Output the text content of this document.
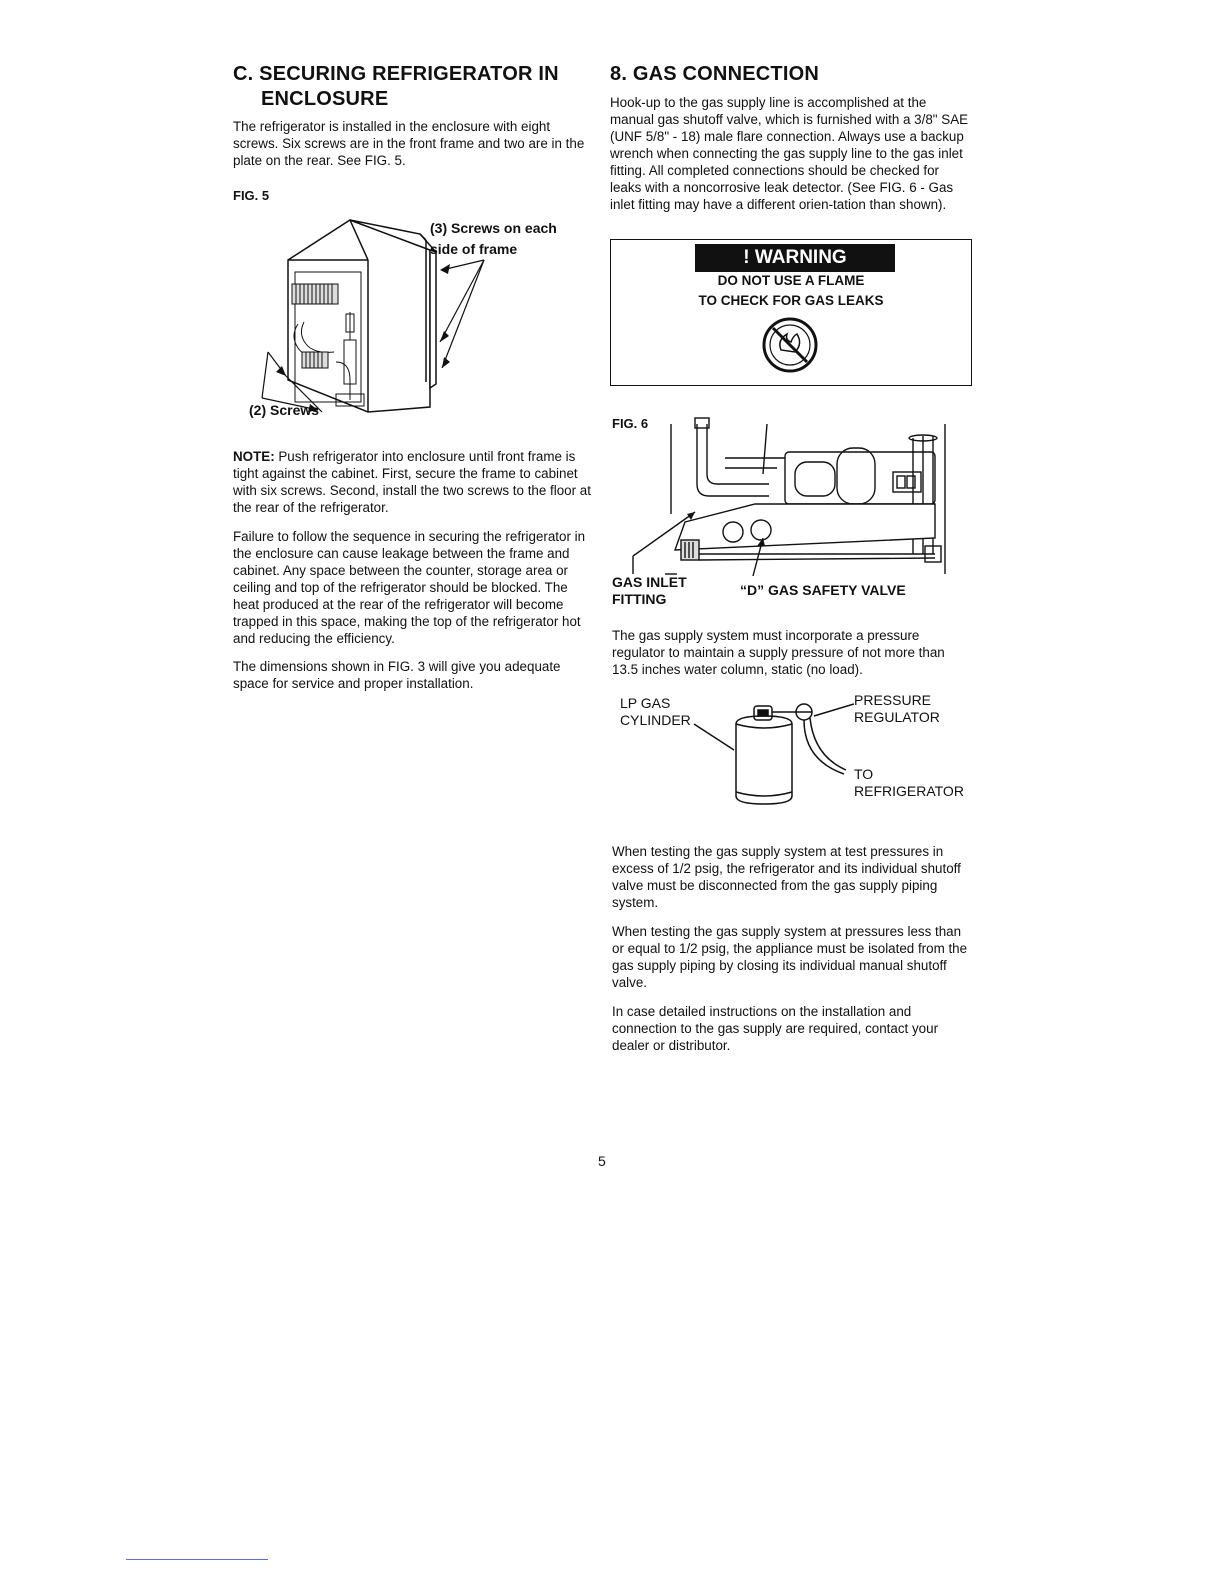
C. SECURING REFRIGERATOR IN
ENCLOSURE

The refrigerator is installed in the enclosure with eight screws. Six screws are in the front frame and two are in the plate on the rear. See FIG. 5.

FIG. 5
(3) Screws on each
side of frame
(2) Screws

NOTE: Push refrigerator into enclosure until front frame is tight against the cabinet. First, secure the frame to cabinet with six screws. Second, install the two screws to the floor at the rear of the refrigerator.

Failure to follow the sequence in securing the refrigerator in the enclosure can cause leakage between the frame and cabinet. Any space between the counter, storage area or ceiling and top of the refrigerator should be blocked. The heat produced at the rear of the refrigerator will become trapped in this space, making the top of the refrigerator hot and reducing the efficiency.

The dimensions shown in FIG. 3 will give you adequate space for service and proper installation.

8. GAS CONNECTION

Hook-up to the gas supply line is accomplished at the manual gas shutoff valve, which is furnished with a 3/8" SAE (UNF 5/8" - 18) male flare connection. Always use a backup wrench when connecting the gas supply line to the gas inlet fitting. All completed connections should be checked for leaks with a noncorrosive leak detector. (See FIG. 6 - Gas inlet fitting may have a different orien-tation than shown).

! WARNING
DO NOT USE A FLAME
TO CHECK FOR GAS LEAKS
FIG. 6
GAS INLET
FITTING
“D” GAS SAFETY VALVE

The gas supply system must incorporate a pressure regulator to maintain a supply pressure of not more than 13.5 inches water column, static (no load).

LP GAS
CYLINDER
PRESSURE
REGULATOR
TO
REFRIGERATOR

When testing the gas supply system at test pressures in excess of 1/2 psig, the refrigerator and its individual shutoff valve must be disconnected from the gas supply piping system.

When testing the gas supply system at pressures less than or equal to 1/2 psig, the appliance must be isolated from the gas supply piping by closing its individual manual shutoff valve.

In case detailed instructions on the installation and connection to the gas supply are required, contact your dealer or distributor.

5
